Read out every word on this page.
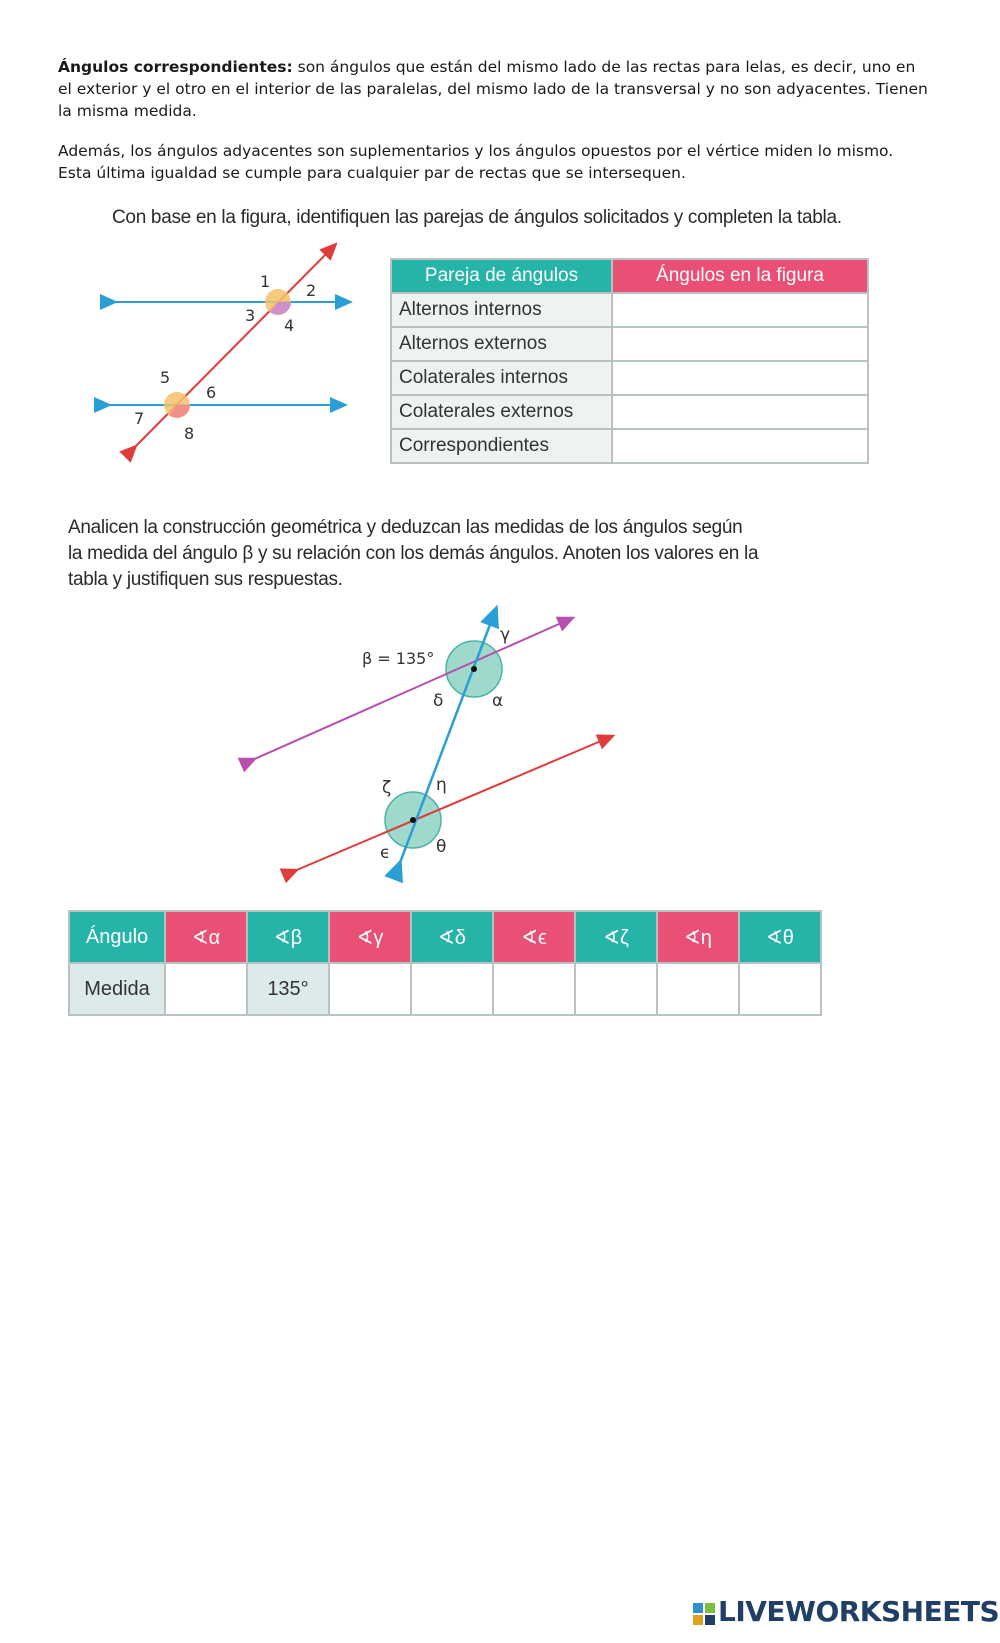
Ángulos correspondientes: son ángulos que están del mismo lado de las rectas para lelas, es decir, uno en el exterior y el otro en el interior de las paralelas, del mismo lado de la transversal y no son adyacentes. Tienen la misma medida.

Además, los ángulos adyacentes son suplementarios y los ángulos opuestos por el vértice miden lo mismo. Esta última igualdad se cumple para cualquier par de rectas que se intersequen.

Con base en la figura, identifiquen las parejas de ángulos solicitados y completen la tabla.

1 2
3
4
5
6
7
8
Pareja de ángulos	Ángulos en la figura
Alternos internos	
Alternos externos	
Colaterales internos	
Colaterales externos	
Correspondientes	

Analicen la construcción geométrica y deduzcan las medidas de los ángulos según

la medida del ángulo β y su relación con los demás ángulos. Anoten los valores en la

tabla y justifiquen sus respuestas.

β = 135°
γ
δ	α
ζ	η
ϵ	θ
Ángulo	∢α	∢β	∢γ	∢δ	∢ϵ	∢ζ	∢η	∢θ
Medida		135°						
LIVEWORKSHEETS
